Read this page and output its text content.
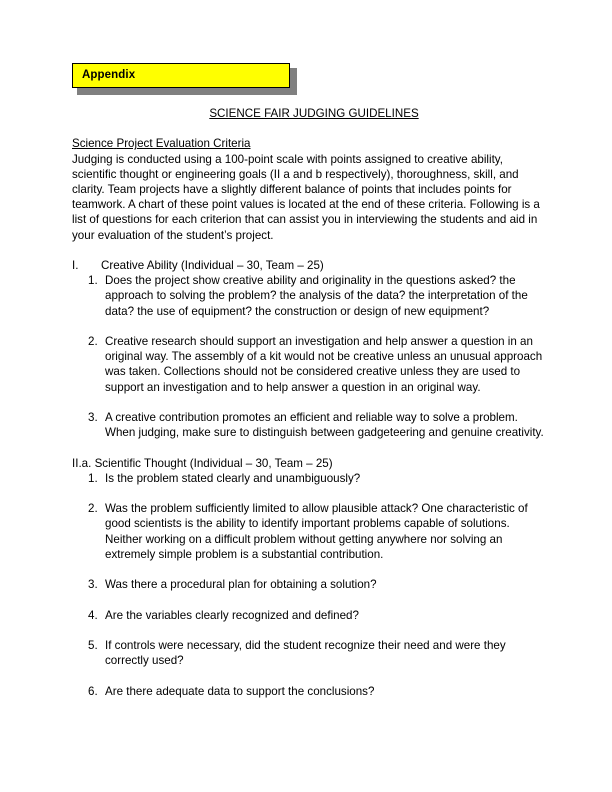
Appendix
SCIENCE FAIR JUDGING GUIDELINES
Science Project Evaluation Criteria

Judging is conducted using a 100-point scale with points assigned to creative ability, scientific thought or engineering goals (II a and b respectively), thoroughness, skill, and clarity. Team projects have a slightly different balance of points that includes points for teamwork. A chart of these point values is located at the end of these criteria. Following is a list of questions for each criterion that can assist you in interviewing the students and aid in your evaluation of the student’s project.

I. Creative Ability (Individual – 30, Team – 25)
1. Does the project show creative ability and originality in the questions asked? the approach to solving the problem? the analysis of the data? the interpretation of the data? the use of equipment? the construction or design of new equipment?
2. Creative research should support an investigation and help answer a question in an original way. The assembly of a kit would not be creative unless an unusual approach was taken. Collections should not be considered creative unless they are used to support an investigation and to help answer a question in an original way.
3. A creative contribution promotes an efficient and reliable way to solve a problem. When judging, make sure to distinguish between gadgeteering and genuine creativity.
II.a. Scientific Thought (Individual – 30, Team – 25)
1. Is the problem stated clearly and unambiguously?
2. Was the problem sufficiently limited to allow plausible attack? One characteristic of good scientists is the ability to identify important problems capable of solutions. Neither working on a difficult problem without getting anywhere nor solving an extremely simple problem is a substantial contribution.
3. Was there a procedural plan for obtaining a solution?
4. Are the variables clearly recognized and defined?
5. If controls were necessary, did the student recognize their need and were they correctly used?
6. Are there adequate data to support the conclusions?
